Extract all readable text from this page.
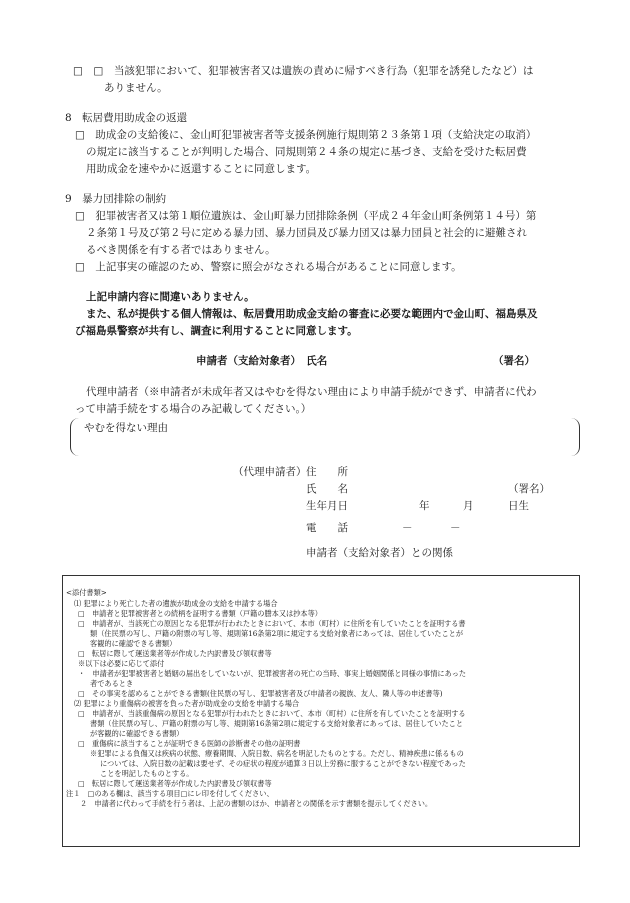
□　□　当該犯罪において、犯罪被害者又は遺族の責めに帰すべき行為（犯罪を誘発したなど）は
ありません。
8　転居費用助成金の返還
□　助成金の支給後に、金山町犯罪被害者等支援条例施行規則第２３条第１項（支給決定の取消）
の規定に該当することが判明した場合、同規則第２４条の規定に基づき、支給を受けた転居費
用助成金を速やかに返還することに同意します。
9　暴力団排除の制約
□　犯罪被害者又は第１順位遺族は、金山町暴力団排除条例（平成２４年金山町条例第１４号）第
２条第１号及び第２号に定める暴力団、暴力団員及び暴力団又は暴力団員と社会的に避難され
るべき関係を有する者ではありません。
□　上記事実の確認のため、警察に照会がなされる場合があることに同意します。
上記申請内容に間違いありません。
また、私が提供する個人情報は、転居費用助成金支給の審査に必要な範囲内で金山町、福島県及
び福島県警察が共有し、調査に利用することに同意します。
申請者（支給対象者）　氏名	（署名）
代理申請者（※申請者が未成年者又はやむを得ない理由により申請手続ができず、申請者に代わ
って申請手続をする場合のみ記載してください。）
やむを得ない理由
（代理申請者） 住　　所
氏　　名	（署名）
生年月日	年	月	日生
電　　話	－	－
申請者（支給対象者）との関係
<添付書類>
⑴ 犯罪により死亡した者の遺族が助成金の支給を申請する場合
□　申請者と犯罪被害者との続柄を証明する書類（戸籍の謄本又は抄本等）
□　申請者が、当該死亡の原因となる犯罪が行われたときにおいて、本市（町村）に住所を有していたことを証明する書
類（住民票の写し、戸籍の附票の写し等、規則第16条第2項に規定する支給対象者にあっては、居住していたことが
客観的に確認できる書類）
□　転居に際して運送業者等が作成した内訳書及び領収書等
※以下は必要に応じて添付
・　申請者が犯罪被害者と婚姻の届出をしていないが、犯罪被害者の死亡の当時、事実上婚姻関係と同様の事情にあった
者であるとき
□　その事実を認めることができる書類(住民票の写し、犯罪被害者及び申請者の親族、友人、隣人等の申述書等)
⑵ 犯罪により重傷病の被害を負った者が助成金の支給を申請する場合
□　申請者が、当該重傷病の原因となる犯罪が行われたときにおいて、本市（町村）に住所を有していたことを証明する
書類（住民票の写し、戸籍の附票の写し等、規則第16条第2項に規定する支給対象者にあっては、居住していたこと
が客観的に確認できる書類）
□　重傷病に該当することが証明できる医師の診断書その他の証明書
※犯罪による負傷又は疾病の状態、療養期間、入院日数、病名を明記したものとする。ただし、精神疾患に係るもの
については、入院日数の記載は要せず、その症状の程度が通算３日以上労務に服することができない程度であった
ことを明記したものとする。
□　転居に際して運送業者等が作成した内訳書及び領収書等
注１　□のある欄は、該当する項目□にレ印を付してください、
２　申請者に代わって手続を行う者は、上記の書類のほか、申請者との関係を示す書類を提示してください。
